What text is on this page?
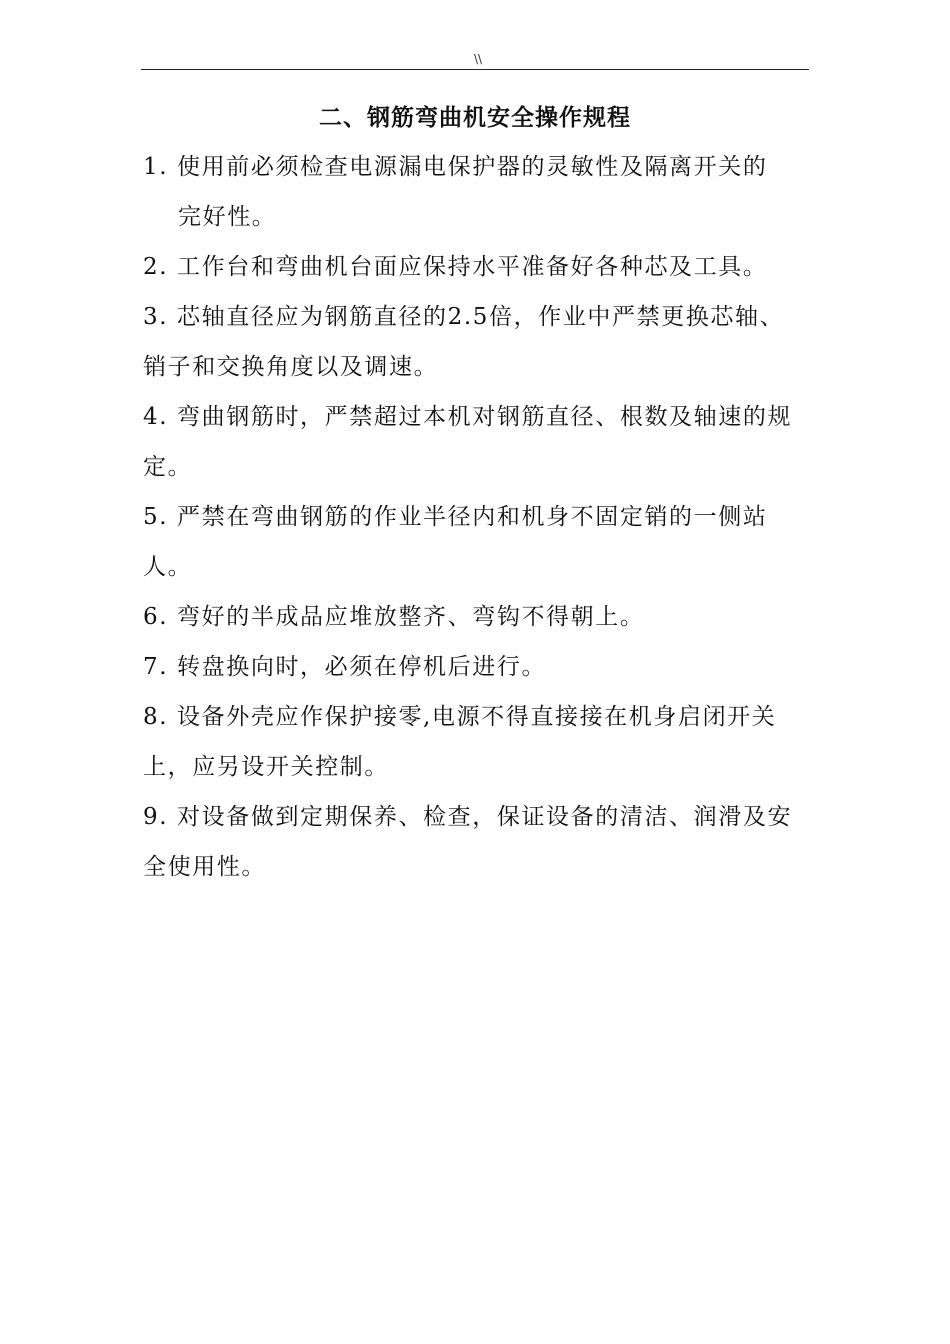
\\
二、钢筋弯曲机安全操作规程
1. 使用前必须检查电源漏电保护器的灵敏性及隔离开关的
完好性。
2. 工作台和弯曲机台面应保持水平准备好各种芯及工具。
3. 芯轴直径应为钢筋直径的2.5倍，作业中严禁更换芯轴、
销子和交换角度以及调速。
4. 弯曲钢筋时，严禁超过本机对钢筋直径、根数及轴速的规
定。
5. 严禁在弯曲钢筋的作业半径内和机身不固定销的一侧站
人。
6. 弯好的半成品应堆放整齐、弯钩不得朝上。
7. 转盘换向时，必须在停机后进行。
8. 设备外壳应作保护接零,电源不得直接接在机身启闭开关
上，应另设开关控制。
9. 对设备做到定期保养、检查，保证设备的清洁、润滑及安
全使用性。
